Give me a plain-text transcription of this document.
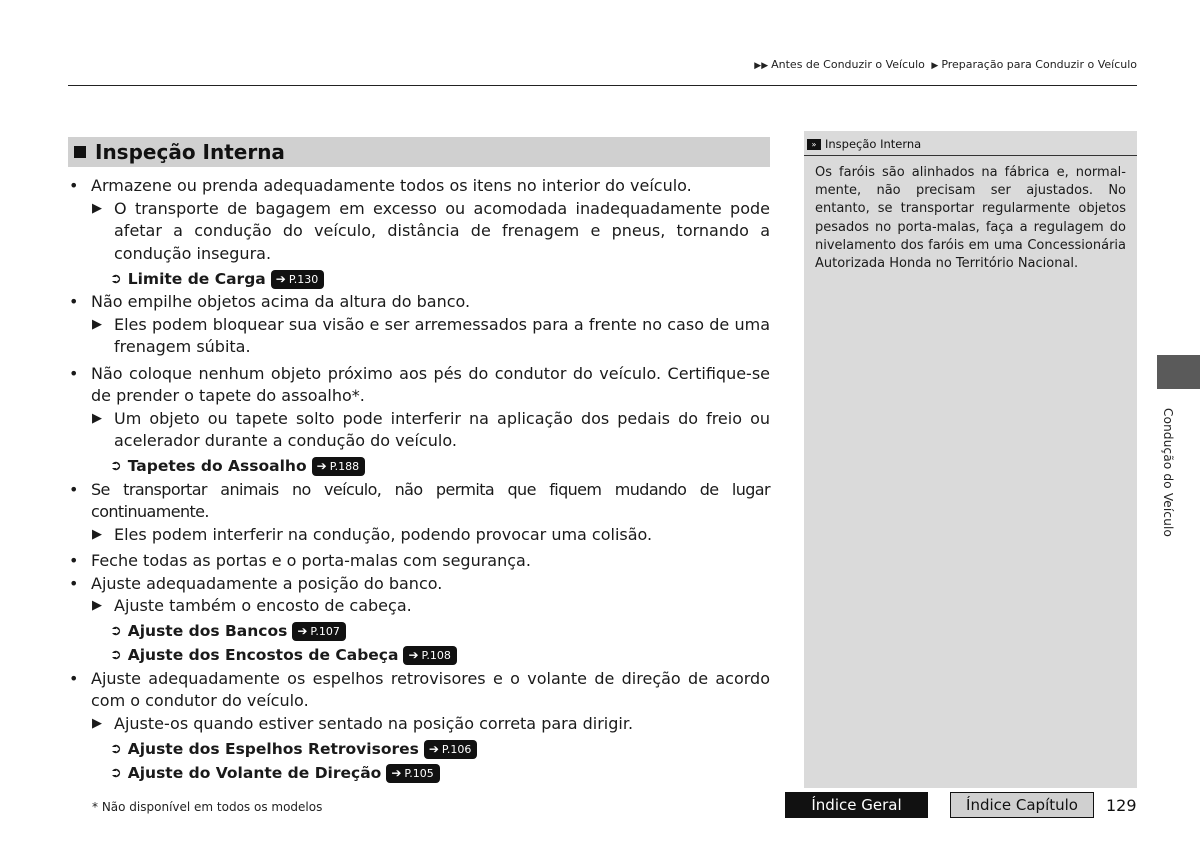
▶▶ Antes de Conduzir o Veículo ▶ Preparação para Conduzir o Veículo
Inspeção Interna
• Armazene ou prenda adequadamente todos os itens no interior do veículo.
▶ O transporte de bagagem em excesso ou acomodada inadequadamente pode afetar a condução do veículo, distância de frenagem e pneus, tornando a condução insegura.
➲ Limite de Carga ➔ P.130
• Não empilhe objetos acima da altura do banco.
▶ Eles podem bloquear sua visão e ser arremessados para a frente no caso de uma frenagem súbita.
• Não coloque nenhum objeto próximo aos pés do condutor do veículo. Certifique-se de prender o tapete do assoalho*.
▶ Um objeto ou tapete solto pode interferir na aplicação dos pedais do freio ou acelerador durante a condução do veículo.
➲ Tapetes do Assoalho ➔ P.188
• Se transportar animais no veículo, não permita que fiquem mudando de lugar continuamente.
▶ Eles podem interferir na condução, podendo provocar uma colisão.
• Feche todas as portas e o porta-malas com segurança.
• Ajuste adequadamente a posição do banco.
▶ Ajuste também o encosto de cabeça.
➲ Ajuste dos Bancos ➔ P.107
➲ Ajuste dos Encostos de Cabeça ➔ P.108
• Ajuste adequadamente os espelhos retrovisores e o volante de direção de acordo com o condutor do veículo.
▶ Ajuste-os quando estiver sentado na posição correta para dirigir.
➲ Ajuste dos Espelhos Retrovisores ➔ P.106
➲ Ajuste do Volante de Direção ➔ P.105
» Inspeção Interna
Os faróis são alinhados na fábrica e, normalmente, não precisam ser ajustados. No entanto, se transportar regularmente objetos pesados no porta-malas, faça a regulagem do nivelamento dos faróis em uma Concessionária Autorizada Honda no Território Nacional.
Condução do Veículo
* Não disponível em todos os modelos	Índice Geral	Índice Capítulo	129
